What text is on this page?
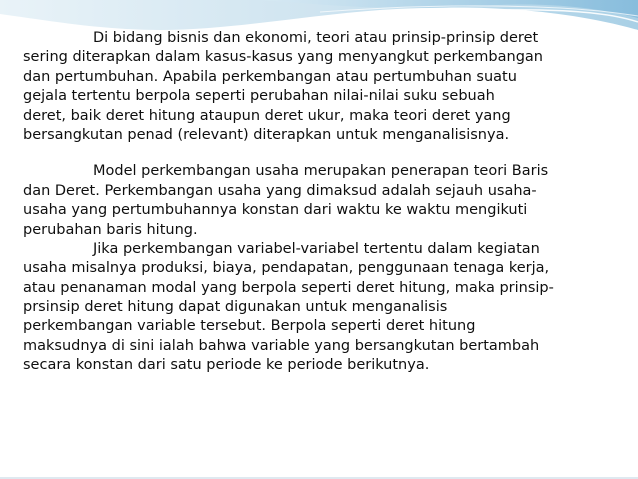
Di bidang bisnis dan ekonomi, teori atau prinsip-prinsip deret
sering diterapkan dalam kasus-kasus yang menyangkut perkembangan
dan pertumbuhan. Apabila perkembangan atau pertumbuhan suatu
gejala tertentu berpola seperti perubahan nilai-nilai suku sebuah
deret, baik deret hitung ataupun deret ukur, maka teori deret yang
bersangkutan penad (relevant) diterapkan untuk menganalisisnya.
Model perkembangan usaha merupakan penerapan teori Baris
dan Deret. Perkembangan usaha yang dimaksud adalah sejauh usaha-
usaha yang pertumbuhannya konstan dari waktu ke waktu mengikuti
perubahan baris hitung.
Jika perkembangan variabel-variabel tertentu dalam kegiatan
usaha misalnya produksi, biaya, pendapatan, penggunaan tenaga kerja,
atau penanaman modal yang berpola seperti deret hitung, maka prinsip-
prsinsip deret hitung dapat digunakan untuk menganalisis
perkembangan variable tersebut. Berpola seperti deret hitung
maksudnya di sini ialah bahwa variable yang bersangkutan bertambah
secara konstan dari satu periode ke periode berikutnya.
